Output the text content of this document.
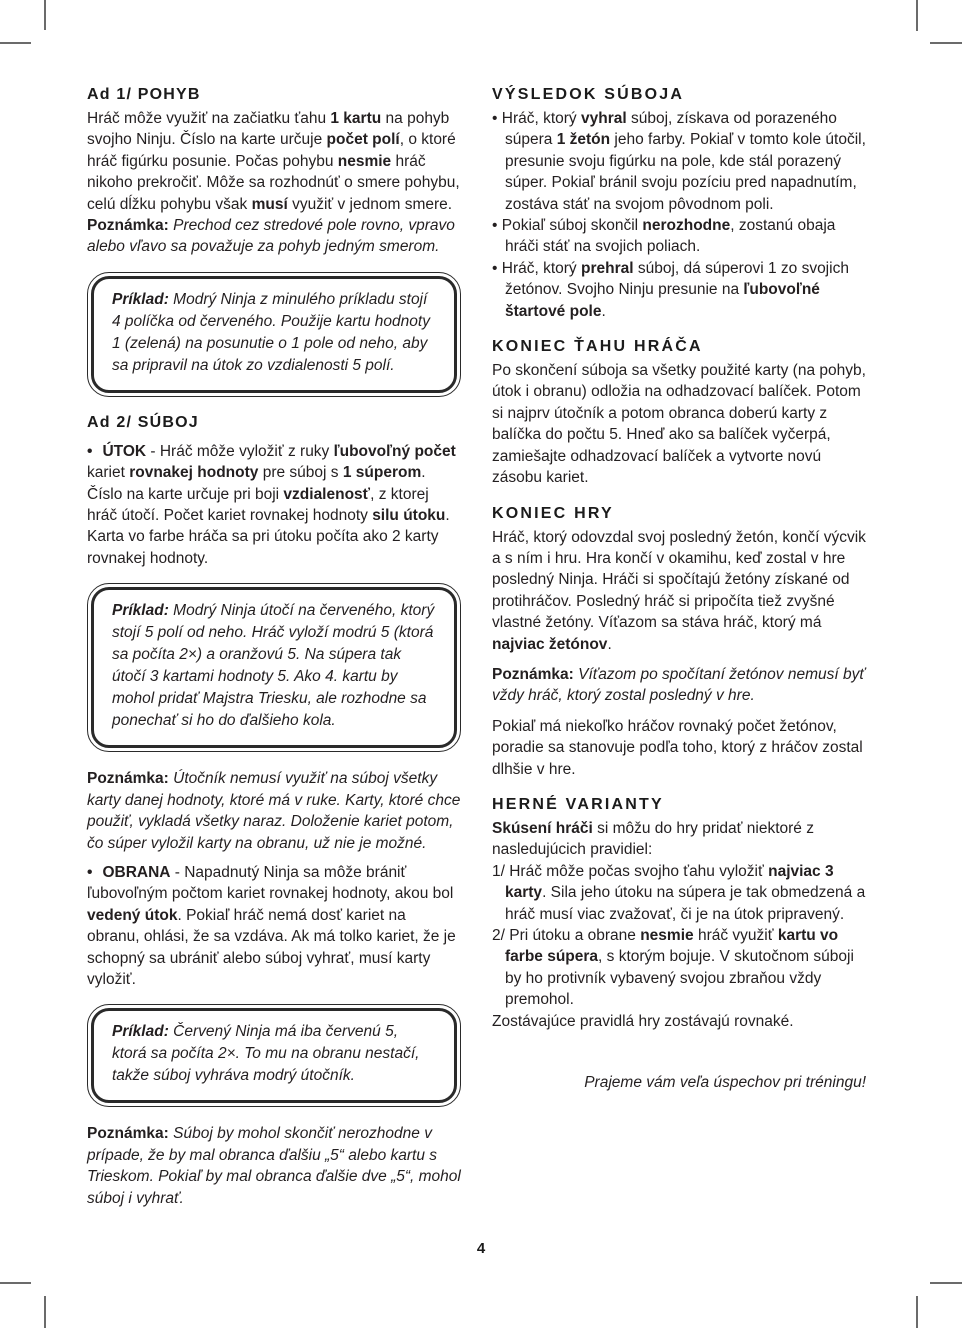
Ad 1/ POHYB

Hráč môže využiť na začiatku ťahu 1 kartu na pohyb svojho Ninju. Číslo na karte určuje počet polí, o ktoré hráč figúrku posunie. Počas pohybu nesmie hráč nikoho prekročiť. Môže sa rozhodnúť o smere pohybu, celú dĺžku pohybu však musí využiť v jednom smere.

Poznámka: Prechod cez stredové pole rovno, vpravo alebo vľavo sa považuje za pohyb jedným smerom.

Príklad: Modrý Ninja z minulého príkladu stojí 4 políčka od červeného. Použije kartu hodnoty 1 (zelená) na posunutie o 1 pole od neho, aby sa pripravil na útok zo vzdialenosti 5 polí.

Ad 2/ SÚBOJ

• ÚTOK - Hráč môže vyložiť z ruky ľubovoľný počet kariet rovnakej hodnoty pre súboj s 1 súperom. Číslo na karte určuje pri boji vzdialenosť, z ktorej hráč útočí. Počet kariet rovnakej hodnoty silu útoku. Karta vo farbe hráča sa pri útoku počíta ako 2 karty rovnakej hodnoty.

Príklad: Modrý Ninja útočí na červeného, ktorý stojí 5 polí od neho. Hráč vyloží modrú 5 (ktorá sa počíta 2×) a oranžovú 5. Na súpera tak útočí 3 kartami hodnoty 5. Ako 4. kartu by mohol pridať Majstra Triesku, ale rozhodne sa ponechať si ho do ďalšieho kola.

Poznámka: Útočník nemusí využiť na súboj všetky karty danej hodnoty, ktoré má v ruke. Karty, ktoré chce použiť, vykladá všetky naraz. Doloženie kariet potom, čo súper vyložil karty na obranu, už nie je možné.

• OBRANA - Napadnutý Ninja sa môže brániť ľubovoľným počtom kariet rovnakej hodnoty, akou bol vedený útok. Pokiaľ hráč nemá dosť kariet na obranu, ohlási, že sa vzdáva. Ak má tolko kariet, že je schopný sa ubrániť alebo súboj vyhrať, musí karty vyložiť.

Príklad: Červený Ninja má iba červenú 5, ktorá sa počíta 2×. To mu na obranu nestačí, takže súboj vyhráva modrý útočník.

Poznámka: Súboj by mohol skončiť nerozhodne v prípade, že by mal obranca ďalšiu „5“ alebo kartu s Trieskom. Pokiaľ by mal obranca ďalšie dve „5“, mohol súboj i vyhrať.

VÝSLEDOK SÚBOJA

• Hráč, ktorý vyhral súboj, získava od porazeného súpera 1 žetón jeho farby. Pokiaľ v tomto kole útočil, presunie svoju figúrku na pole, kde stál porazený súper. Pokiaľ bránil svoju pozíciu pred napadnutím, zostáva stáť na svojom pôvodnom poli.

• Pokiaľ súboj skončil nerozhodne, zostanú obaja hráči stáť na svojich poliach.

• Hráč, ktorý prehral súboj, dá súperovi 1 zo svojich žetónov. Svojho Ninju presunie na ľubovoľné štartové pole.

KONIEC ŤAHU HRÁČA

Po skončení súboja sa všetky použité karty (na pohyb, útok i obranu) odložia na odhadzovací balíček. Potom si najprv útočník a potom obranca doberú karty z balíčka do počtu 5. Hneď ako sa balíček vyčerpá, zamiešajte odhadzovací balíček a vytvorte novú zásobu kariet.

KONIEC HRY

Hráč, ktorý odovzdal svoj posledný žetón, končí výcvik a s ním i hru. Hra končí v okamihu, keď zostal v hre posledný Ninja. Hráči si spočítajú žetóny získané od protihráčov. Posledný hráč si pripočíta tiež zvyšné vlastné žetóny. Víťazom sa stáva hráč, ktorý má najviac žetónov.

Poznámka: Víťazom po spočítaní žetónov nemusí byť vždy hráč, ktorý zostal posledný v hre.

Pokiaľ má niekoľko hráčov rovnaký počet žetónov, poradie sa stanovuje podľa toho, ktorý z hráčov zostal dlhšie v hre.

HERNÉ VARIANTY

Skúsení hráči si môžu do hry pridať niektoré z nasledujúcich pravidiel:

1/ Hráč môže počas svojho ťahu vyložiť najviac 3 karty. Sila jeho útoku na súpera je tak obmedzená a hráč musí viac zvažovať, či je na útok pripravený.

2/ Pri útoku a obrane nesmie hráč využiť kartu vo farbe súpera, s ktorým bojuje. V skutočnom súboji by ho protivník vybavený svojou zbraňou vždy premohol.

Zostávajúce pravidlá hry zostávajú rovnaké.

Prajeme vám veľa úspechov pri tréningu!

4
